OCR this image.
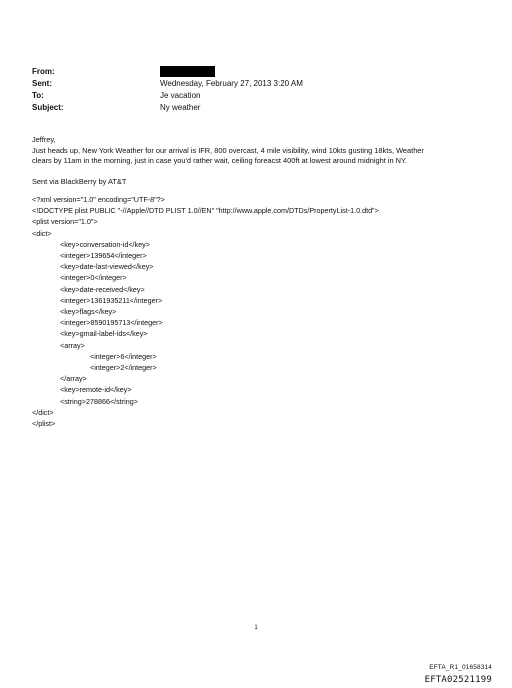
From:
Sent:	Wednesday, February 27, 2013 3:20 AM
To:	Je vacation
Subject:	Ny weather
Jeffrey,
Just heads up, New York Weather for our arrival is IFR, 800 overcast, 4 mile visibility, wind 10kts gusting 18kts, Weather
clears by 11am in the morning, just in case you'd rather wait, ceiling foreacst 400ft at lowest around midnight in NY.
Sent via BlackBerry by AT&T
<?xml version="1.0" encoding="UTF-8"?>
<!DOCTYPE plist PUBLIC "-//Apple//DTD PLIST 1.0//EN" "http://www.apple.com/DTDs/PropertyList-1.0.dtd">
<plist version="1.0">
<dict>
<key>conversation-id</key>
<integer>139654</integer>
<key>date-last-viewed</key>
<integer>0</integer>
<key>date-received</key>
<integer>1361935211</integer>
<key>flags</key>
<integer>8590195713</integer>
<key>gmail-label-ids</key>
<array>
<integer>6</integer>
<integer>2</integer>
</array>
<key>remote-id</key>
<string>278866</string>
</dict>
</plist>
1
EFTA_R1_01658314
EFTA02521199
